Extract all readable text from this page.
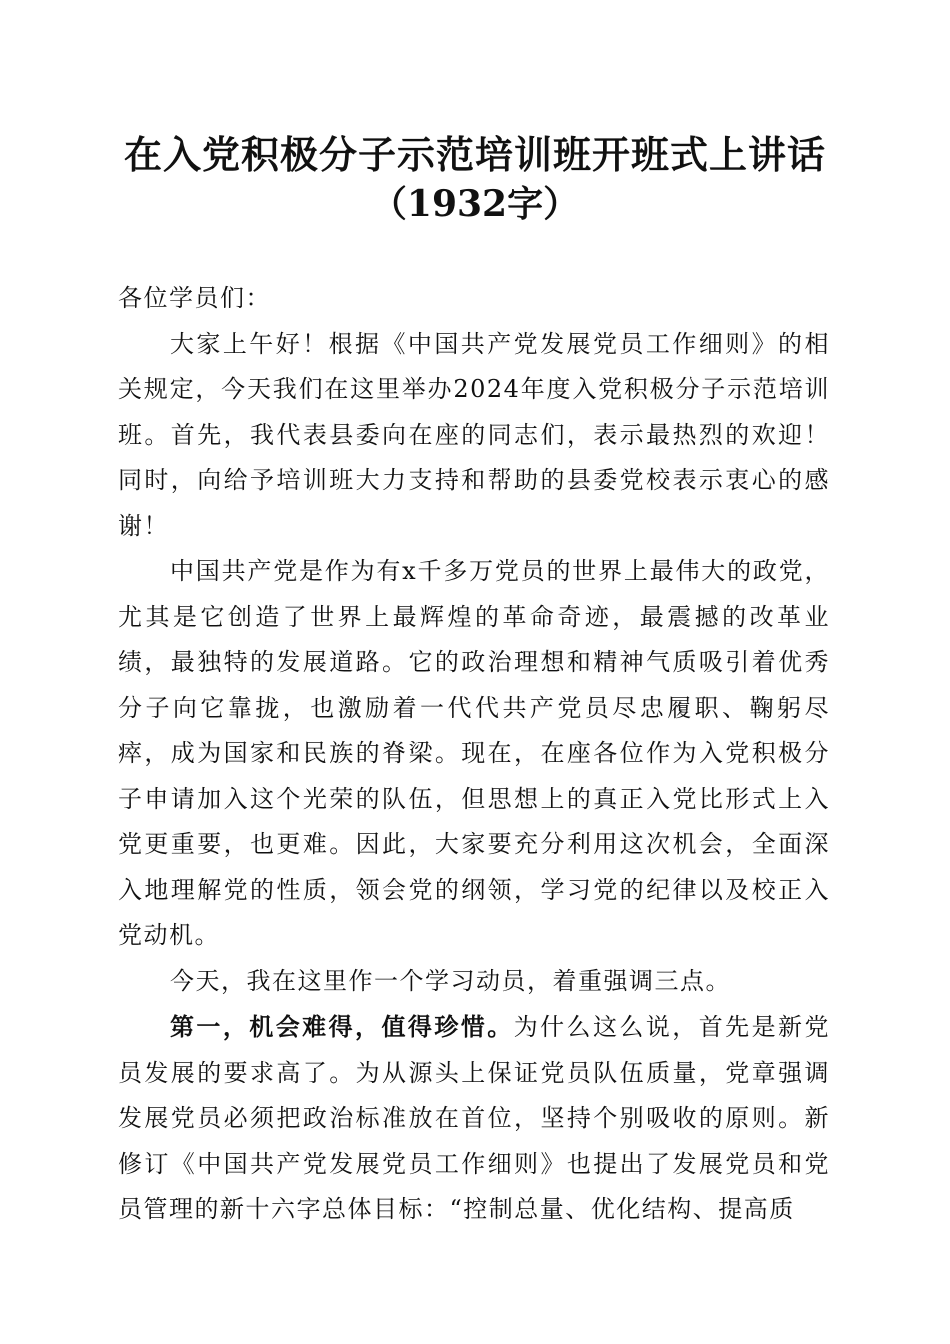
在入党积极分子示范培训班开班式上讲话
（1932字）

各位学员们：

大家上午好！根据《中国共产党发展党员工作细则》的相关规定，今天我们在这里举办2024年度入党积极分子示范培训班。首先，我代表县委向在座的同志们，表示最热烈的欢迎！同时，向给予培训班大力支持和帮助的县委党校表示衷心的感谢！

中国共产党是作为有x千多万党员的世界上最伟大的政党，尤其是它创造了世界上最辉煌的革命奇迹，最震撼的改革业绩，最独特的发展道路。它的政治理想和精神气质吸引着优秀分子向它靠拢，也激励着一代代共产党员尽忠履职、鞠躬尽瘁，成为国家和民族的脊梁。现在，在座各位作为入党积极分子申请加入这个光荣的队伍，但思想上的真正入党比形式上入党更重要，也更难。因此，大家要充分利用这次机会，全面深入地理解党的性质，领会党的纲领，学习党的纪律以及校正入党动机。

今天，我在这里作一个学习动员，着重强调三点。

第一，机会难得，值得珍惜。为什么这么说，首先是新党员发展的要求高了。为从源头上保证党员队伍质量，党章强调发展党员必须把政治标准放在首位，坚持个别吸收的原则。新修订《中国共产党发展党员工作细则》也提出了发展党员和党员管理的新十六字总体目标：“控制总量、优化结构、提高质
